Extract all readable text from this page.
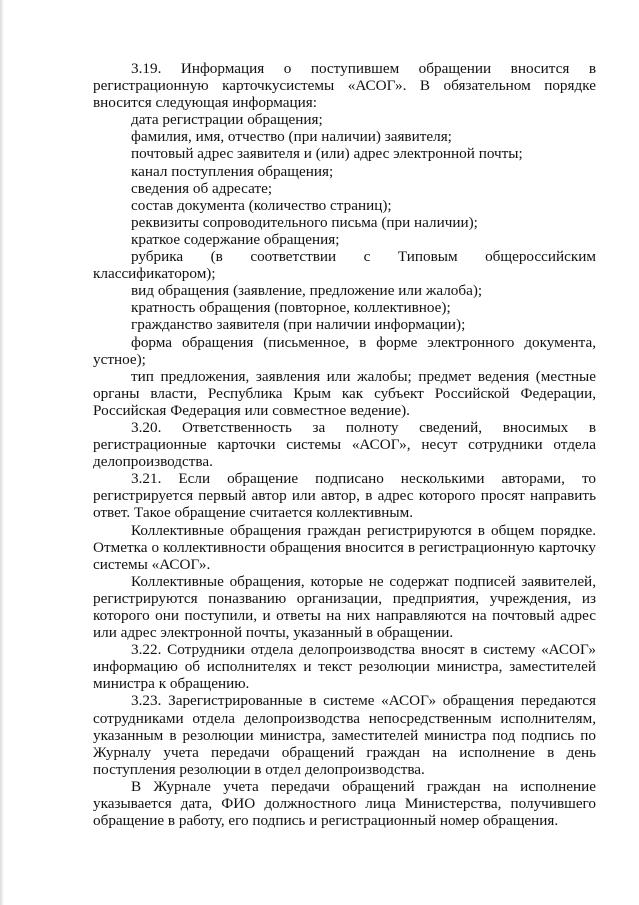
3.19. Информация о поступившем обращении вносится в регистрационную карточкусистемы «АСОГ». В обязательном порядке вносится следующая информация:

дата регистрации обращения;

фамилия, имя, отчество (при наличии) заявителя;

почтовый адрес заявителя и (или) адрес электронной почты;

канал поступления обращения;

сведения об адресате;

состав документа (количество страниц);

реквизиты сопроводительного письма (при наличии);

краткое содержание обращения;

рубрика (в соответствии с Типовым общероссийским классификатором);

вид обращения (заявление, предложение или жалоба);

кратность обращения (повторное, коллективное);

гражданство заявителя (при наличии информации);

форма обращения (письменное, в форме электронного документа, устное);

тип предложения, заявления или жалобы; предмет ведения (местные органы власти, Республика Крым как субъект Российской Федерации, Российская Федерация или совместное ведение).

3.20. Ответственность за полноту сведений, вносимых в регистрационные карточки системы «АСОГ», несут сотрудники отдела делопроизводства.

3.21. Если обращение подписано несколькими авторами, то регистрируется первый автор или автор, в адрес которого просят направить ответ. Такое обращение считается коллективным.

Коллективные обращения граждан регистрируются в общем порядке. Отметка о коллективности обращения вносится в регистрационную карточку системы «АСОГ».

Коллективные обращения, которые не содержат подписей заявителей, регистрируются поназванию организации, предприятия, учреждения, из которого они поступили, и ответы на них направляются на почтовый адрес или адрес электронной почты, указанный в обращении.

3.22. Сотрудники отдела делопроизводства вносят в систему «АСОГ» информацию об исполнителях и текст резолюции министра, заместителей министра к обращению.

3.23. Зарегистрированные в системе «АСОГ» обращения передаются сотрудниками отдела делопроизводства непосредственным исполнителям, указанным в резолюции министра, заместителей министра под подпись по Журналу учета передачи обращений граждан на исполнение в день поступления резолюции в отдел делопроизводства.

В Журнале учета передачи обращений граждан на исполнение указывается дата, ФИО должностного лица Министерства, получившего обращение в работу, его подпись и регистрационный номер обращения.
